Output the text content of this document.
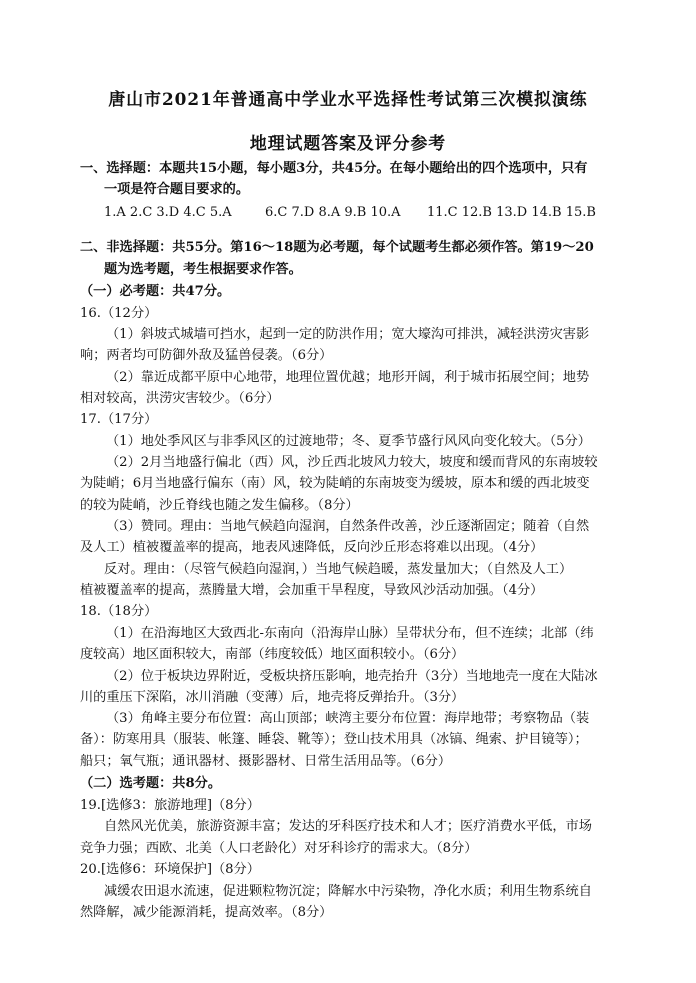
唐山市2021年普通高中学业水平选择性考试第三次模拟演练
地理试题答案及评分参考
一、选择题：本题共15小题，每小题3分，共45分。在每小题给出的四个选项中，只有
一项是符合题目要求的。
1.A 2.C 3.D 4.C 5.A	6.C 7.D 8.A 9.B 10.A 11.C 12.B 13.D 14.B 15.B
二、非选择题：共55分。第16～18题为必考题，每个试题考生都必须作答。第19～20
题为选考题，考生根据要求作答。
（一）必考题：共47分。
16.（12分）
（1）斜坡式城墙可挡水，起到一定的防洪作用；宽大壕沟可排洪，减轻洪涝灾害影
响；两者均可防御外敌及猛兽侵袭。（6分）
（2）靠近成都平原中心地带，地理位置优越；地形开阔，利于城市拓展空间；地势
相对较高，洪涝灾害较少。（6分）
17.（17分）
（1）地处季风区与非季风区的过渡地带；冬、夏季节盛行风风向变化较大。（5分）
（2）2月当地盛行偏北（西）风，沙丘西北坡风力较大，坡度和缓而背风的东南坡较
为陡峭；6月当地盛行偏东（南）风，较为陡峭的东南坡变为缓坡，原本和缓的西北坡变
的较为陡峭，沙丘脊线也随之发生偏移。（8分）
（3）赞同。理由：当地气候趋向湿润，自然条件改善，沙丘逐渐固定；随着（自然
及人工）植被覆盖率的提高，地表风速降低，反向沙丘形态将难以出现。（4分）
反对。理由：（尽管气候趋向湿润，）当地气候趋暖，蒸发量加大；（自然及人工）
植被覆盖率的提高，蒸腾量大增，会加重干旱程度，导致风沙活动加强。（4分）
18.（18分）
（1）在沿海地区大致西北-东南向（沿海岸山脉）呈带状分布，但不连续；北部（纬
度较高）地区面积较大，南部（纬度较低）地区面积较小。（6分）
（2）位于板块边界附近，受板块挤压影响，地壳抬升（3分）当地地壳一度在大陆冰
川的重压下深陷，冰川消融（变薄）后，地壳将反弹抬升。（3分）
（3）角峰主要分布位置：高山顶部；峡湾主要分布位置：海岸地带；考察物品（装
备）：防寒用具（服装、帐篷、睡袋、靴等）；登山技术用具（冰镐、绳索、护目镜等）；
船只；氧气瓶；通讯器材、摄影器材、日常生活用品等。（6分）
（二）选考题：共8分。
19.[选修3：旅游地理]（8分）
自然风光优美，旅游资源丰富；发达的牙科医疗技术和人才；医疗消费水平低，市场
竞争力强；西欧、北美（人口老龄化）对牙科诊疗的需求大。（8分）
20.[选修6：环境保护]（8分）
减缓农田退水流速，促进颗粒物沉淀；降解水中污染物，净化水质；利用生物系统自
然降解，减少能源消耗，提高效率。（8分）
